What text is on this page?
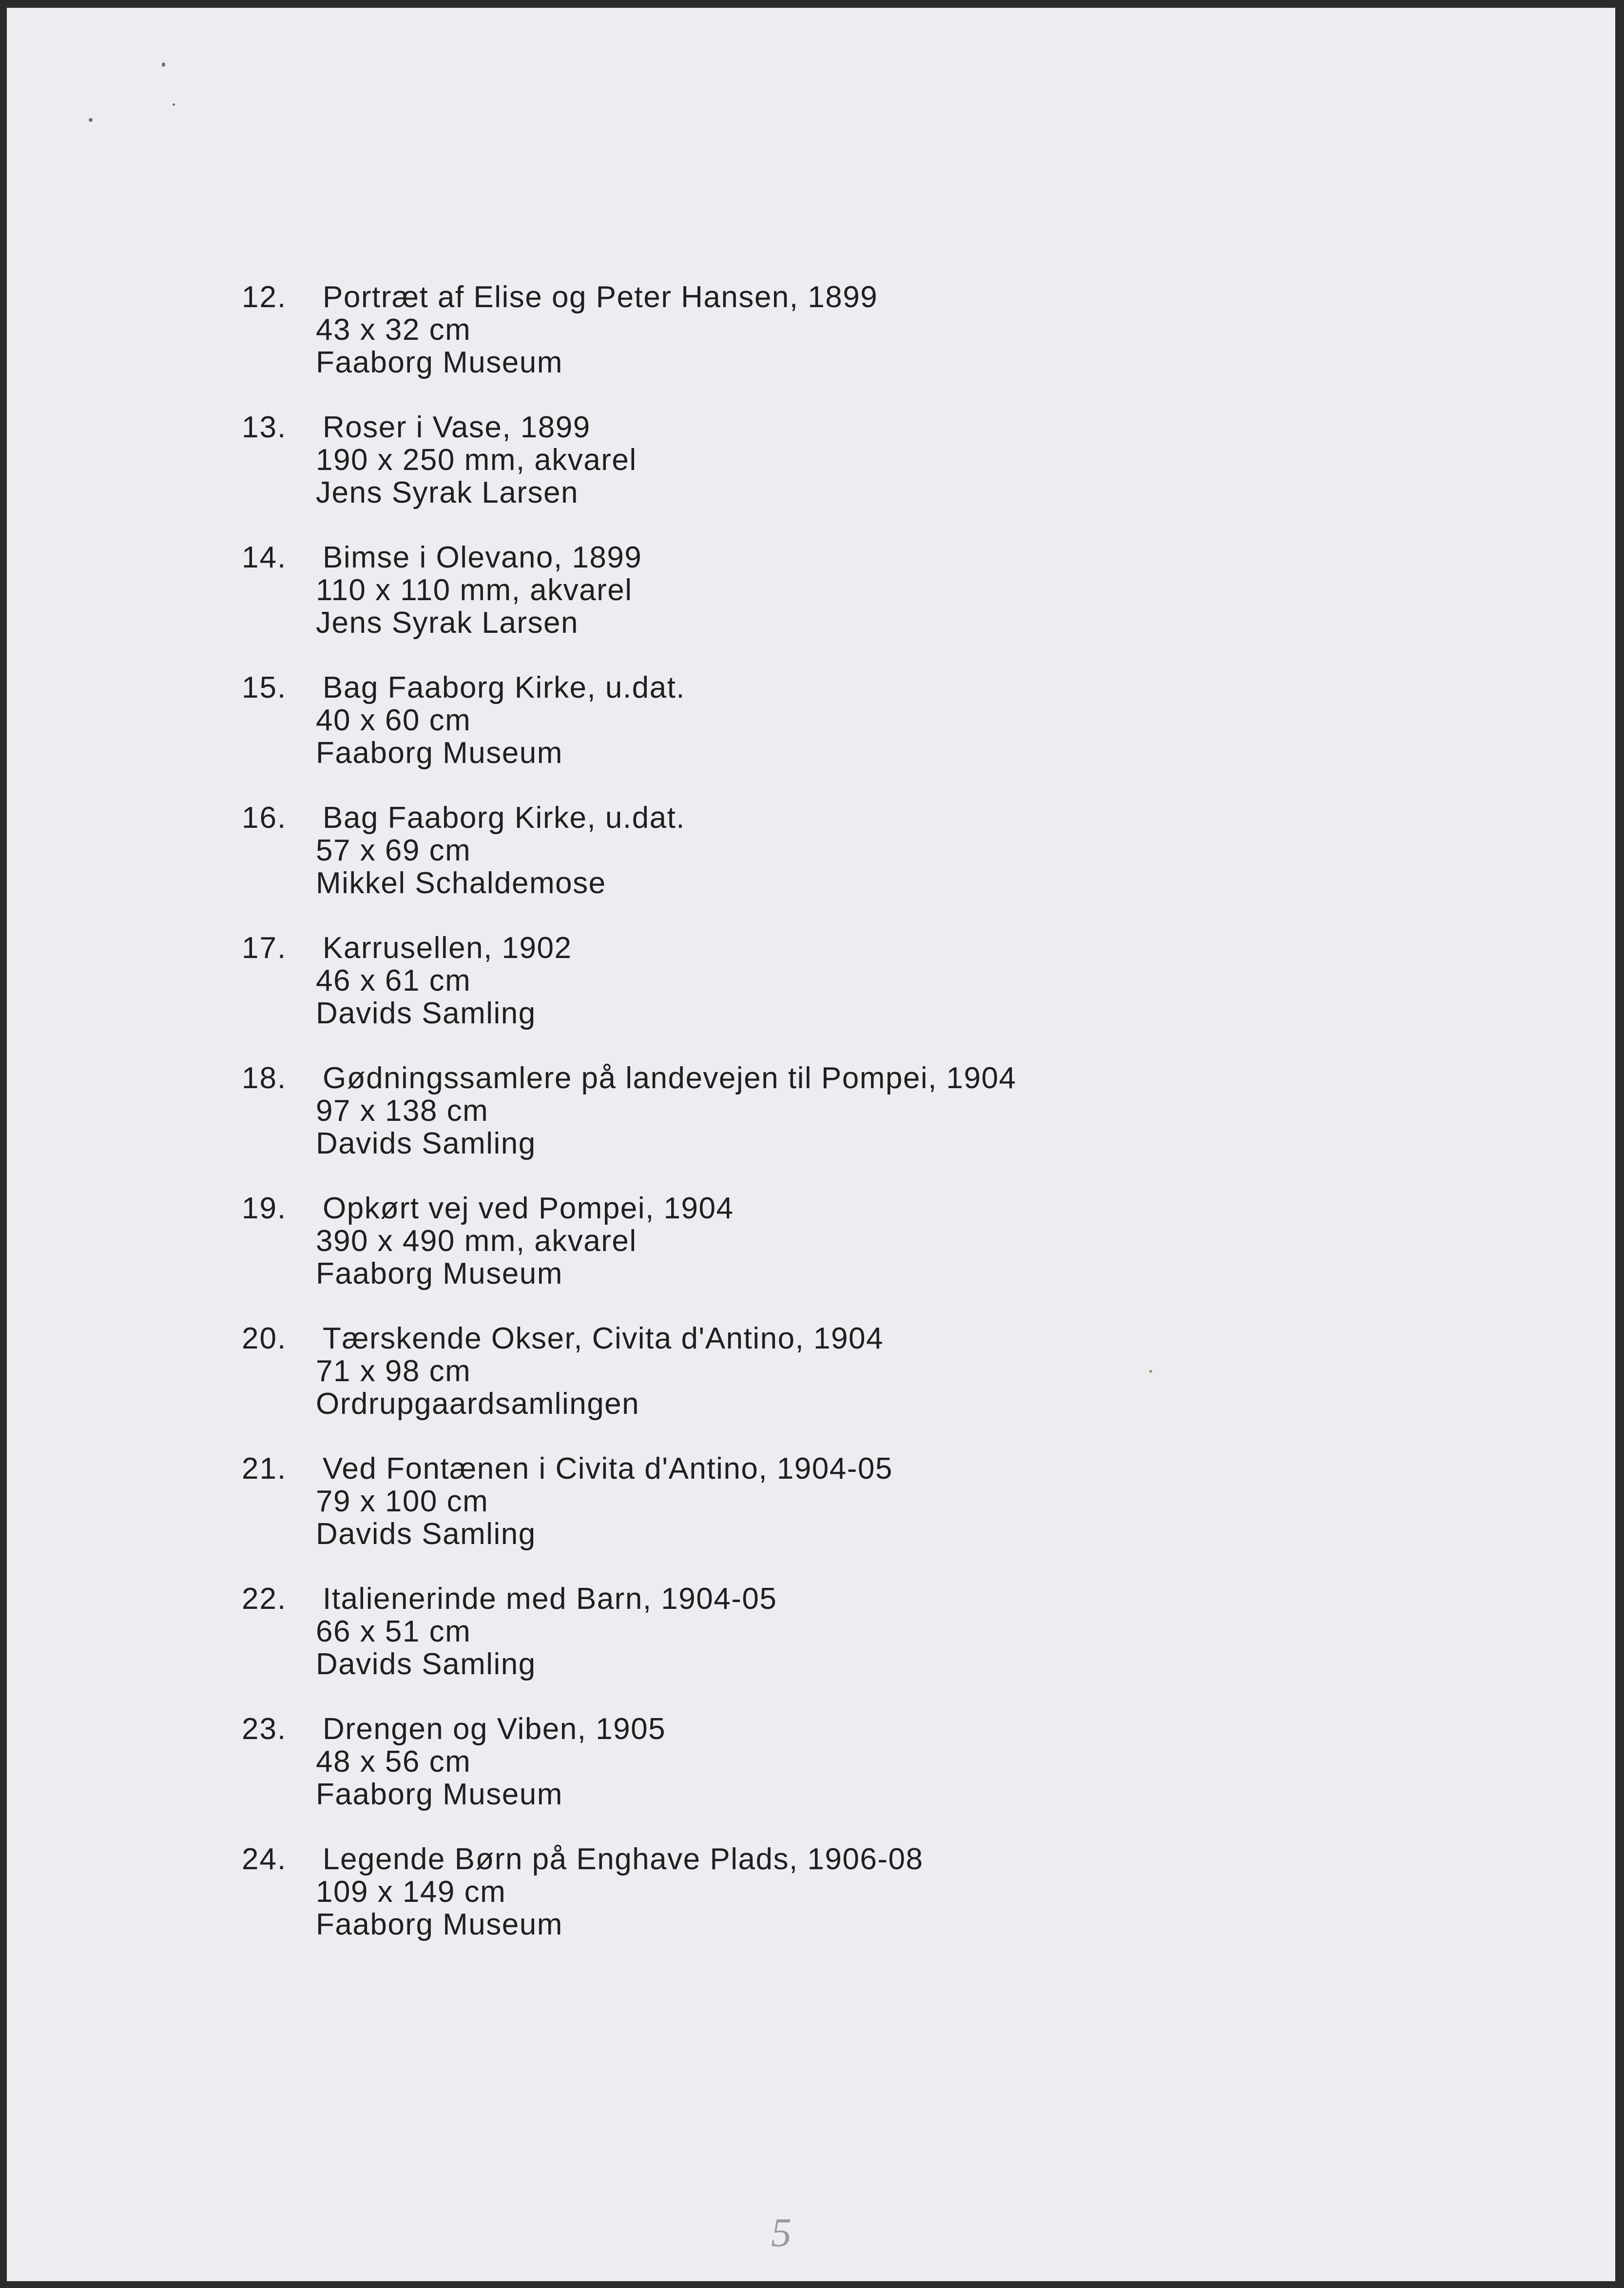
12. Portræt af Elise og Peter Hansen, 1899
43 x 32 cm
Faaborg Museum
13. Roser i Vase, 1899
190 x 250 mm, akvarel
Jens Syrak Larsen
14. Bimse i Olevano, 1899
110 x 110 mm, akvarel
Jens Syrak Larsen
15. Bag Faaborg Kirke, u.dat.
40 x 60 cm
Faaborg Museum
16. Bag Faaborg Kirke, u.dat.
57 x 69 cm
Mikkel Schaldemose
17. Karrusellen, 1902
46 x 61 cm
Davids Samling
18. Gødningssamlere på landevejen til Pompei, 1904
97 x 138 cm
Davids Samling
19. Opkørt vej ved Pompei, 1904
390 x 490 mm, akvarel
Faaborg Museum
20. Tærskende Okser, Civita d'Antino, 1904
71 x 98 cm
Ordrupgaardsamlingen
21. Ved Fontænen i Civita d'Antino, 1904-05
79 x 100 cm
Davids Samling
22. Italienerinde med Barn, 1904-05
66 x 51 cm
Davids Samling
23. Drengen og Viben, 1905
48 x 56 cm
Faaborg Museum
24. Legende Børn på Enghave Plads, 1906-08
109 x 149 cm
Faaborg Museum
5
